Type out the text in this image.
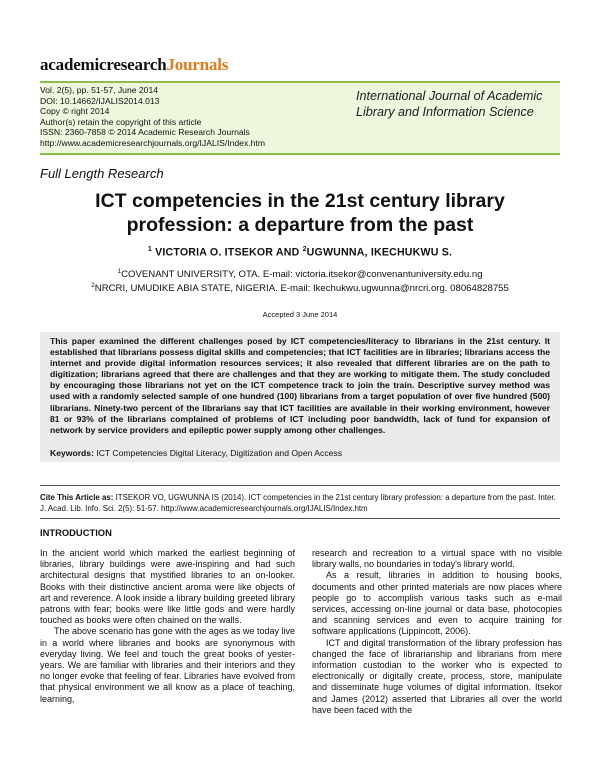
academicresearchJournals
Vol. 2(5), pp. 51-57, June 2014
DOI: 10.14662/IJALIS2014.013
Copy © right 2014
Author(s) retain the copyright of this article
ISSN: 2360-7858 © 2014 Academic Research Journals
http://www.academicresearchjournals.org/IJALIS/Index.htm
International Journal of Academic
Library and Information Science
Full Length Research
ICT competencies in the 21st century library
profession: a departure from the past
$^1$ VICTORIA O. ITSEKOR AND $^2$UGWUNNA, IKECHUKWU S.
$^1$COVENANT UNIVERSITY, OTA. E-mail: victoria.itsekor@convenantuniversity.edu.ng
$^2$NRCRI, UMUDIKE ABIA STATE, NIGERIA. E-mail: Ikechukwu.ugwunna@nrcri.org. 08064828755
Accepted 3 June 2014
This paper examined the different challenges posed by ICT competencies/literacy to librarians in the 21st century. It established that librarians possess digital skills and competencies; that ICT facilities are in libraries; librarians access the internet and provide digital information resources services; it also revealed that different libraries are on the path to digitization; librarians agreed that there are challenges and that they are working to mitigate them. The study concluded by encouraging those librarians not yet on the ICT competence track to join the train. Descriptive survey method was used with a randomly selected sample of one hundred (100) librarians from a target population of over five hundred (500) librarians. Ninety-two percent of the librarians say that ICT facilities are available in their working environment, however 81 or 93% of the librarians complained of problems of ICT including poor bandwidth, lack of fund for expansion of network by service providers and epileptic power supply among other challenges.
Keywords: ICT Competencies Digital Literacy, Digitization and Open Access
Cite This Article as: ITSEKOR VO, UGWUNNA IS (2014). ICT competencies in the 21st century library profession: a departure from the past. Inter. J. Acad. Lib. Info. Sci. 2(5): 51-57. http://www.academicresearchjournals.org/IJALIS/Index.htm
INTRODUCTION

In the ancient world which marked the earliest beginning of libraries, library buildings were awe-inspiring and had such architectural designs that mystified libraries to an on-looker. Books with their distinctive ancient aroma were like objects of art and reverence. A look inside a library building greeted library patrons with fear; books were like little gods and were hardly touched as books were often chained on the walls.

The above scenario has gone with the ages as we today live in a world where libraries and books are synonymous with everyday living. We feel and touch the great books of yester-years. We are familiar with libraries and their interiors and they no longer evoke that feeling of fear. Libraries have evolved from that physical environment we all know as a place of teaching, learning,

research and recreation to a virtual space with no visible library walls, no boundaries in today's library world.

As a result, libraries in addition to housing books, documents and other printed materials are now places where people go to accomplish various tasks such as e-mail services, accessing on-line journal or data base, photocopies and scanning services and even to acquire training for software applications (Lippincott, 2006).

ICT and digital transformation of the library profession has changed the face of librarianship and librarians from mere information custodian to the worker who is expected to electronically or digitally create, process, store, manipulate and disseminate huge volumes of digital information. Itsekor and James (2012) asserted that Libraries all over the world have been faced with the
